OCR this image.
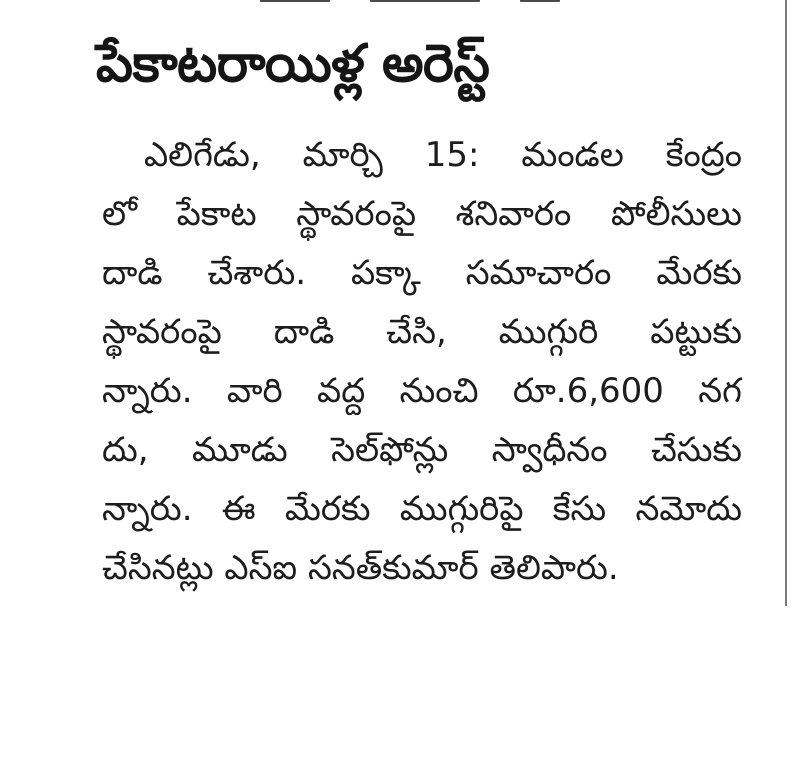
పేకాటరాయిళ్ల అరెస్ట్
ఎలిగేడు, మార్చి 15: మండల కేంద్రం
లో పేకాట స్థావరంపై శనివారం పోలీసులు
దాడి చేశారు. పక్కా సమాచారం మేరకు
స్థావరంపై దాడి చేసి, ముగ్గురి పట్టుకు
న్నారు. వారి వద్ద నుంచి రూ.6,600 నగ
దు, మూడు సెల్‌ఫోన్లు స్వాధీనం చేసుకు
న్నారు. ఈ మేరకు ముగ్గురిపై కేసు నమోదు
చేసినట్లు ఎస్ఐ సనత్‌కుమార్ తెలిపారు.
